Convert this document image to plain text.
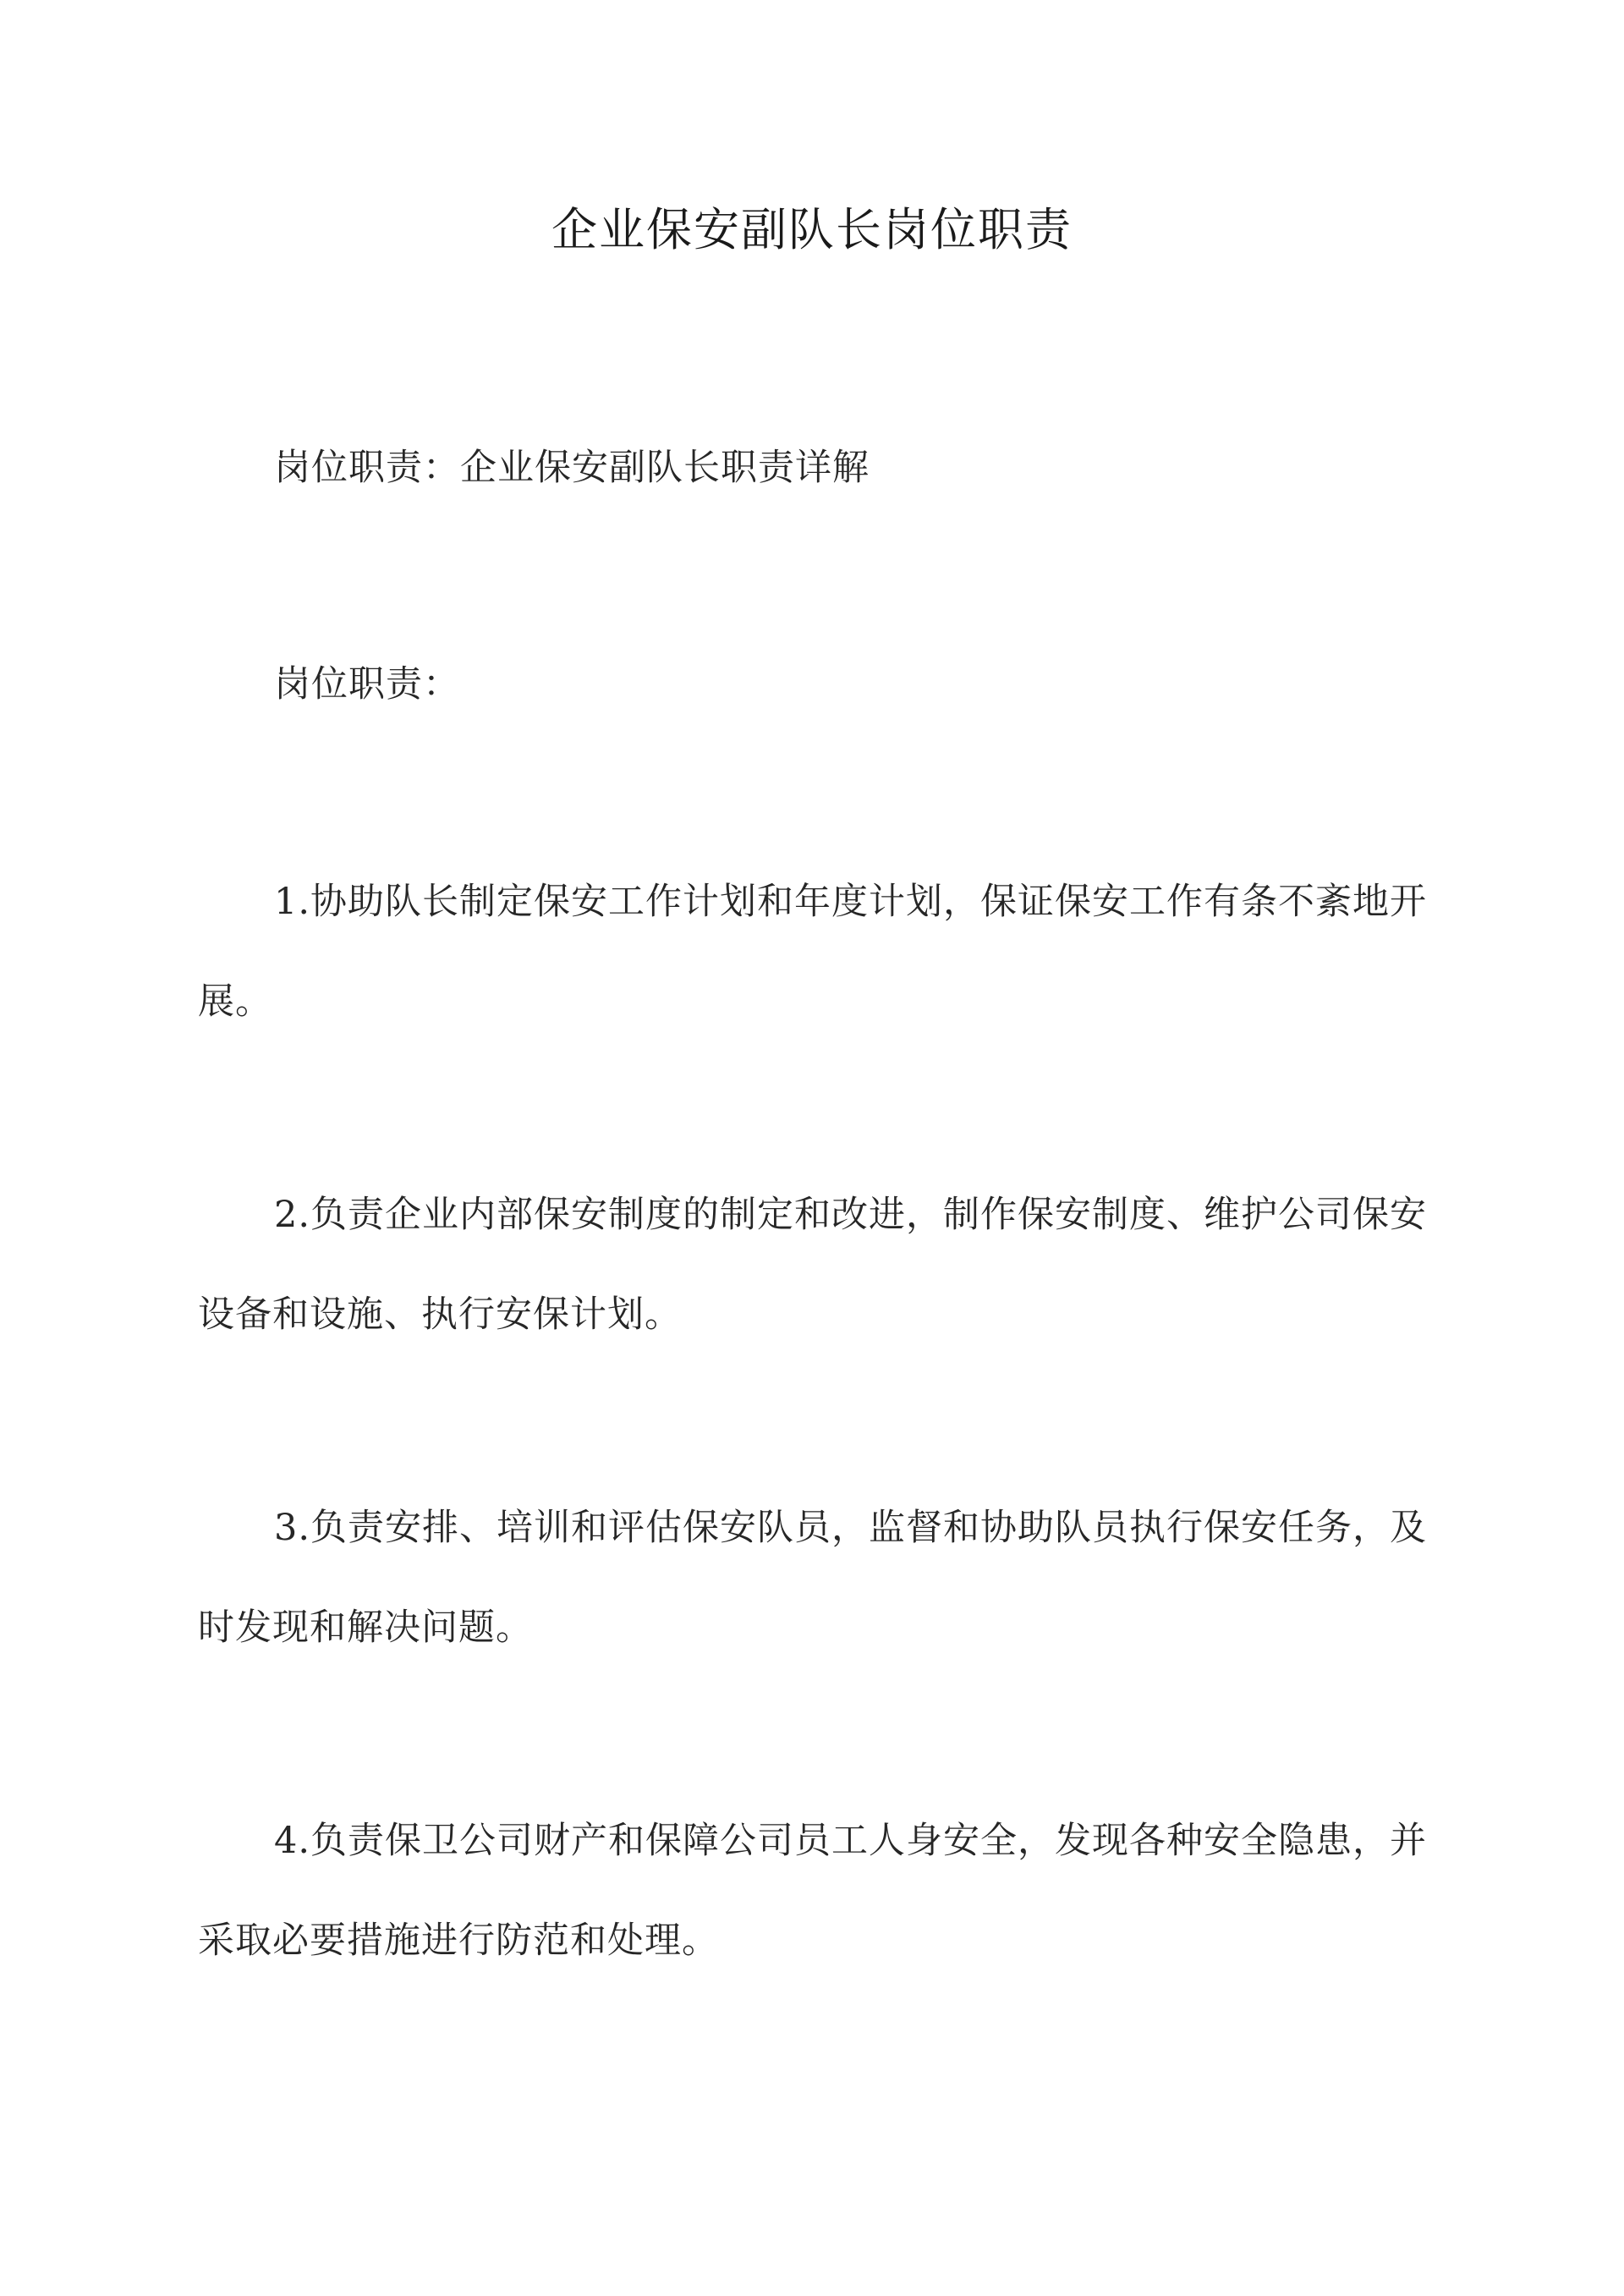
企业保安副队长岗位职责

岗位职责：企业保安副队长职责详解

岗位职责：

1.协助队长制定保安工作计划和年度计划，保证保安工作有条不紊地开展。

2.负责企业内部保安制度的制定和改进，制作保安制度、维护公司保安设备和设施、执行安保计划。

3.负责安排、培训和评估保安队员，监督和协助队员执行保安任务，及时发现和解决问题。

4.负责保卫公司财产和保障公司员工人身安全，发现各种安全隐患，并采取必要措施进行防范和处理。
